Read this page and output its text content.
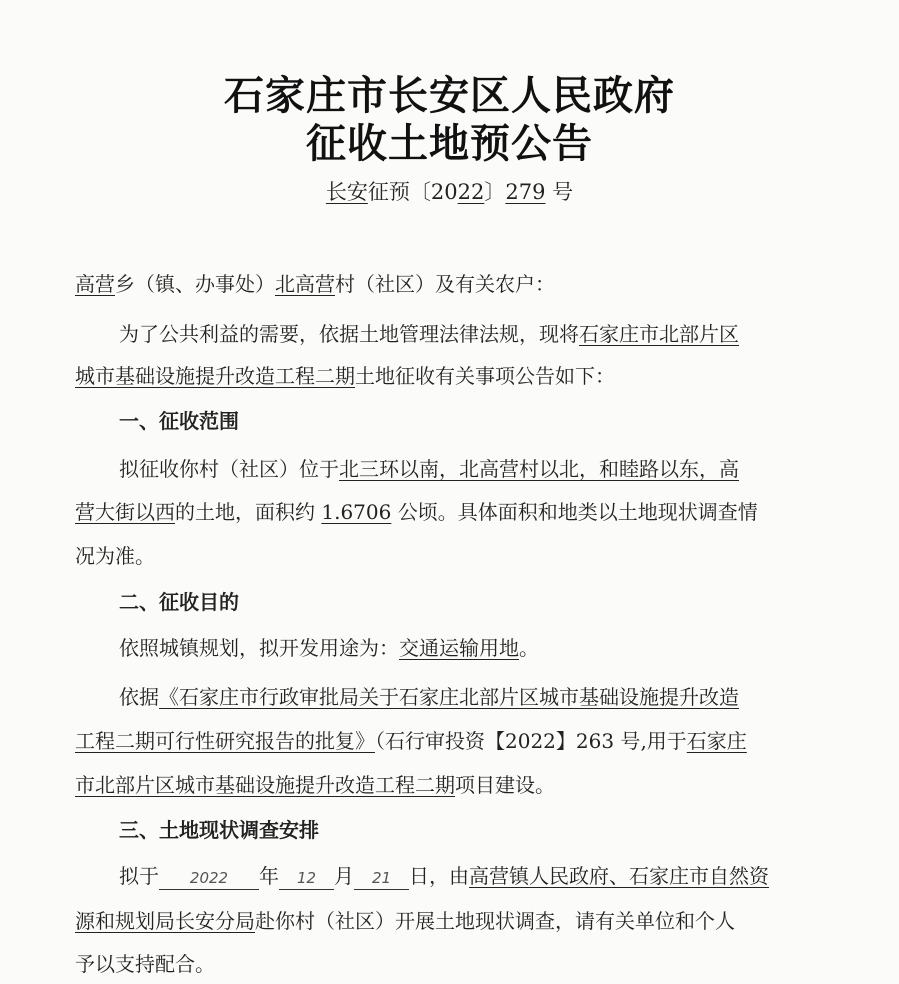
石家庄市长安区人民政府
征收土地预公告
长安征预〔2022〕279 号
高营乡（镇、办事处）北高营村（社区）及有关农户：
为了公共利益的需要，依据土地管理法律法规，现将石家庄市北部片区
城市基础设施提升改造工程二期土地征收有关事项公告如下：
一、征收范围
拟征收你村（社区）位于北三环以南，北高营村以北，和睦路以东，高
营大街以西的土地，面积约 1.6706 公顷。具体面积和地类以土地现状调查情
况为准。
二、征收目的
依照城镇规划，拟开发用途为：交通运输用地。
依据《石家庄市行政审批局关于石家庄北部片区城市基础设施提升改造
工程二期可行性研究报告的批复》（石行审投资【2022】263 号,用于石家庄
市北部片区城市基础设施提升改造工程二期项目建设。
三、土地现状调查安排
拟于 2022 年 12 月 21 日，由高营镇人民政府、石家庄市自然资
源和规划局长安分局赴你村（社区）开展土地现状调查，请有关单位和个人
予以支持配合。
